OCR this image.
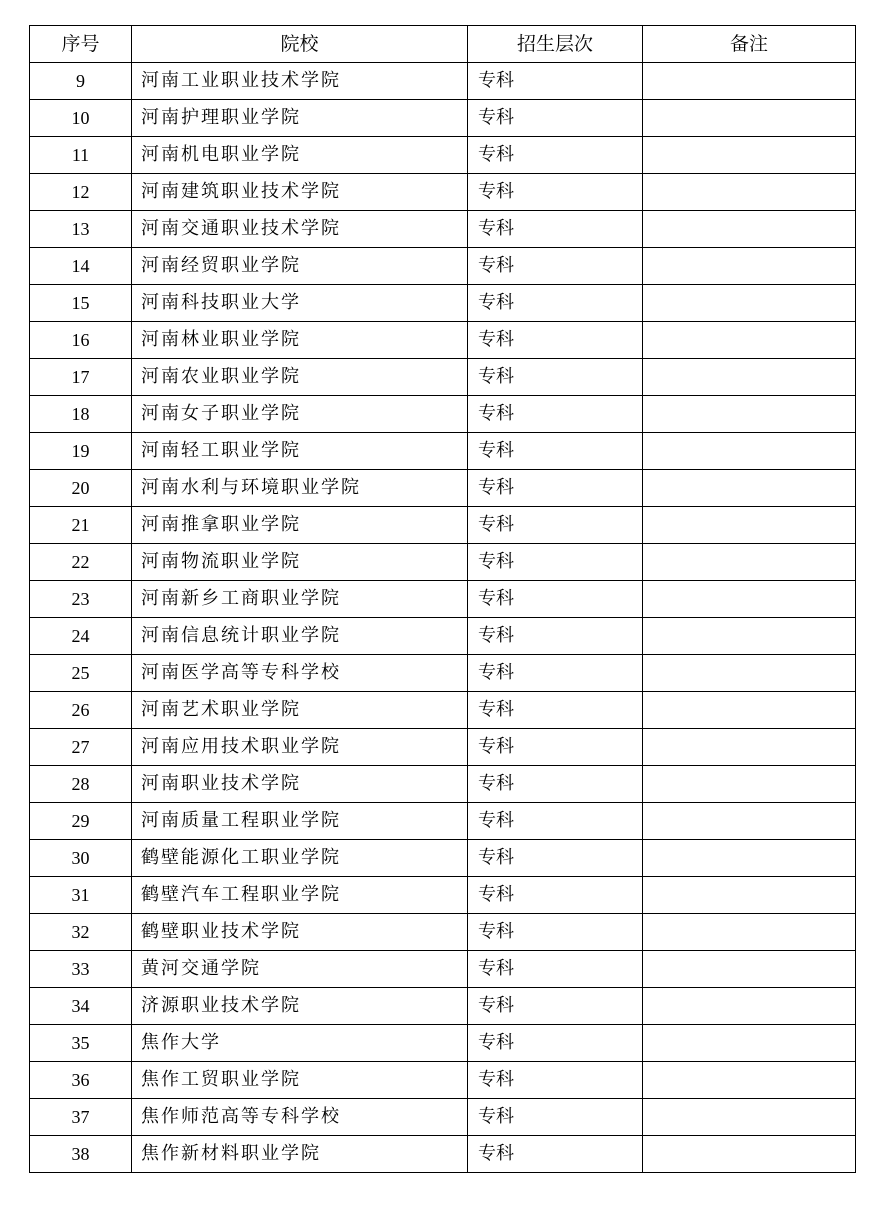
序号	院校	招生层次	备注
9	河南工业职业技术学院	专科	
10	河南护理职业学院	专科	
11	河南机电职业学院	专科	
12	河南建筑职业技术学院	专科	
13	河南交通职业技术学院	专科	
14	河南经贸职业学院	专科	
15	河南科技职业大学	专科	
16	河南林业职业学院	专科	
17	河南农业职业学院	专科	
18	河南女子职业学院	专科	
19	河南轻工职业学院	专科	
20	河南水利与环境职业学院	专科	
21	河南推拿职业学院	专科	
22	河南物流职业学院	专科	
23	河南新乡工商职业学院	专科	
24	河南信息统计职业学院	专科	
25	河南医学高等专科学校	专科	
26	河南艺术职业学院	专科	
27	河南应用技术职业学院	专科	
28	河南职业技术学院	专科	
29	河南质量工程职业学院	专科	
30	鹤壁能源化工职业学院	专科	
31	鹤壁汽车工程职业学院	专科	
32	鹤壁职业技术学院	专科	
33	黄河交通学院	专科	
34	济源职业技术学院	专科	
35	焦作大学	专科	
36	焦作工贸职业学院	专科	
37	焦作师范高等专科学校	专科	
38	焦作新材料职业学院	专科	
